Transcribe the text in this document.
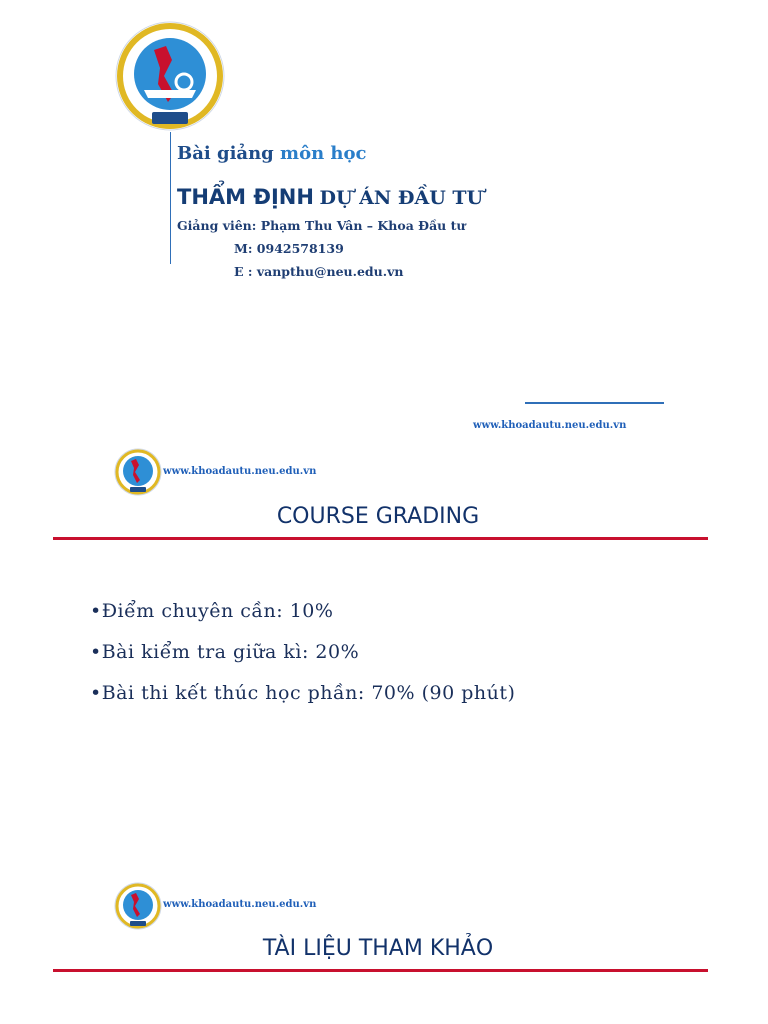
Bài giảng môn học
THẨM ĐỊNH DỰ ÁN ĐẦU TƯ
Giảng viên: Phạm Thu Vân – Khoa Đầu tư
M: 0942578139
E : vanpthu@neu.edu.vn
www.khoadautu.neu.edu.vn
www.khoadautu.neu.edu.vn
COURSE GRADING
•Điểm chuyên cần: 10%
•Bài kiểm tra giữa kì: 20%
•Bài thi kết thúc học phần: 70% (90 phút)
www.khoadautu.neu.edu.vn
TÀI LIỆU THAM KHẢO
